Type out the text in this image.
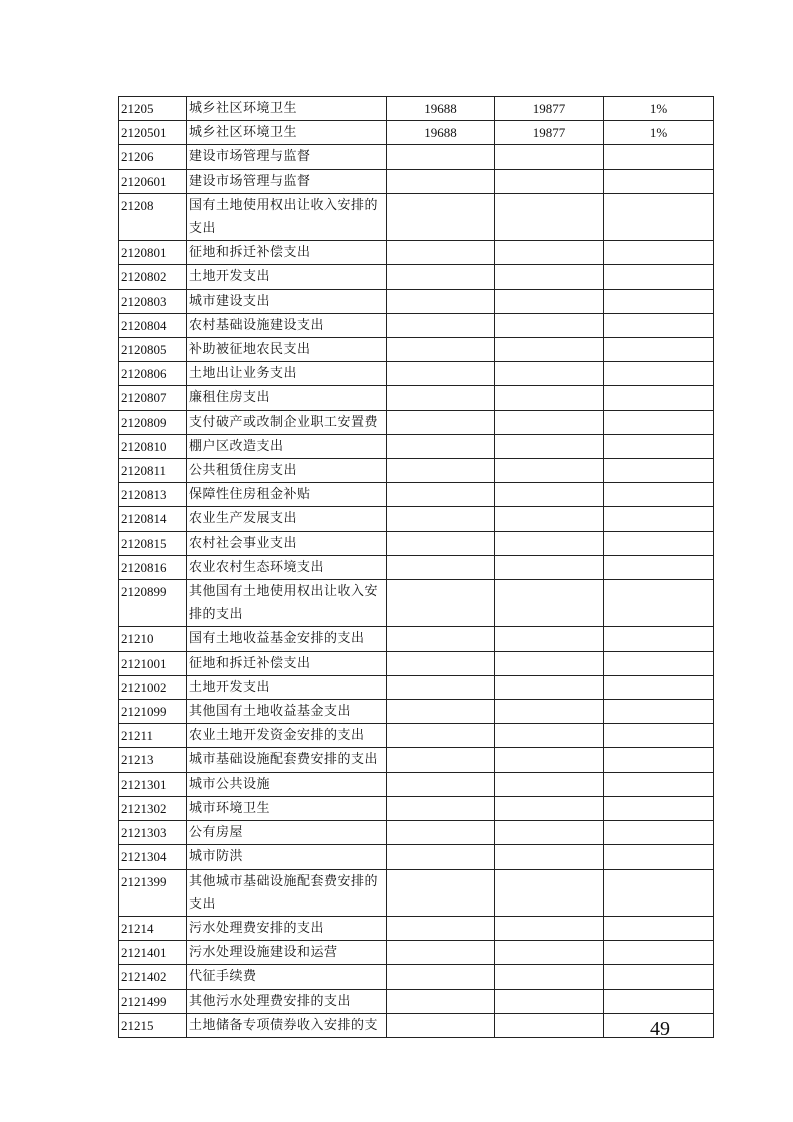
21205	城乡社区环境卫生	19688	19877	1%
2120501	城乡社区环境卫生	19688	19877	1%
21206	建设市场管理与监督			
2120601	建设市场管理与监督			
21208	国有土地使用权出让收入安排的支出			
2120801	征地和拆迁补偿支出			
2120802	土地开发支出			
2120803	城市建设支出			
2120804	农村基础设施建设支出			
2120805	补助被征地农民支出			
2120806	土地出让业务支出			
2120807	廉租住房支出			
2120809	支付破产或改制企业职工安置费			
2120810	棚户区改造支出			
2120811	公共租赁住房支出			
2120813	保障性住房租金补贴			
2120814	农业生产发展支出			
2120815	农村社会事业支出			
2120816	农业农村生态环境支出			
2120899	其他国有土地使用权出让收入安排的支出			
21210	国有土地收益基金安排的支出			
2121001	征地和拆迁补偿支出			
2121002	土地开发支出			
2121099	其他国有土地收益基金支出			
21211	农业土地开发资金安排的支出			
21213	城市基础设施配套费安排的支出			
2121301	城市公共设施			
2121302	城市环境卫生			
2121303	公有房屋			
2121304	城市防洪			
2121399	其他城市基础设施配套费安排的支出			
21214	污水处理费安排的支出			
2121401	污水处理设施建设和运营			
2121402	代征手续费			
2121499	其他污水处理费安排的支出			
21215	土地储备专项债券收入安排的支				49
